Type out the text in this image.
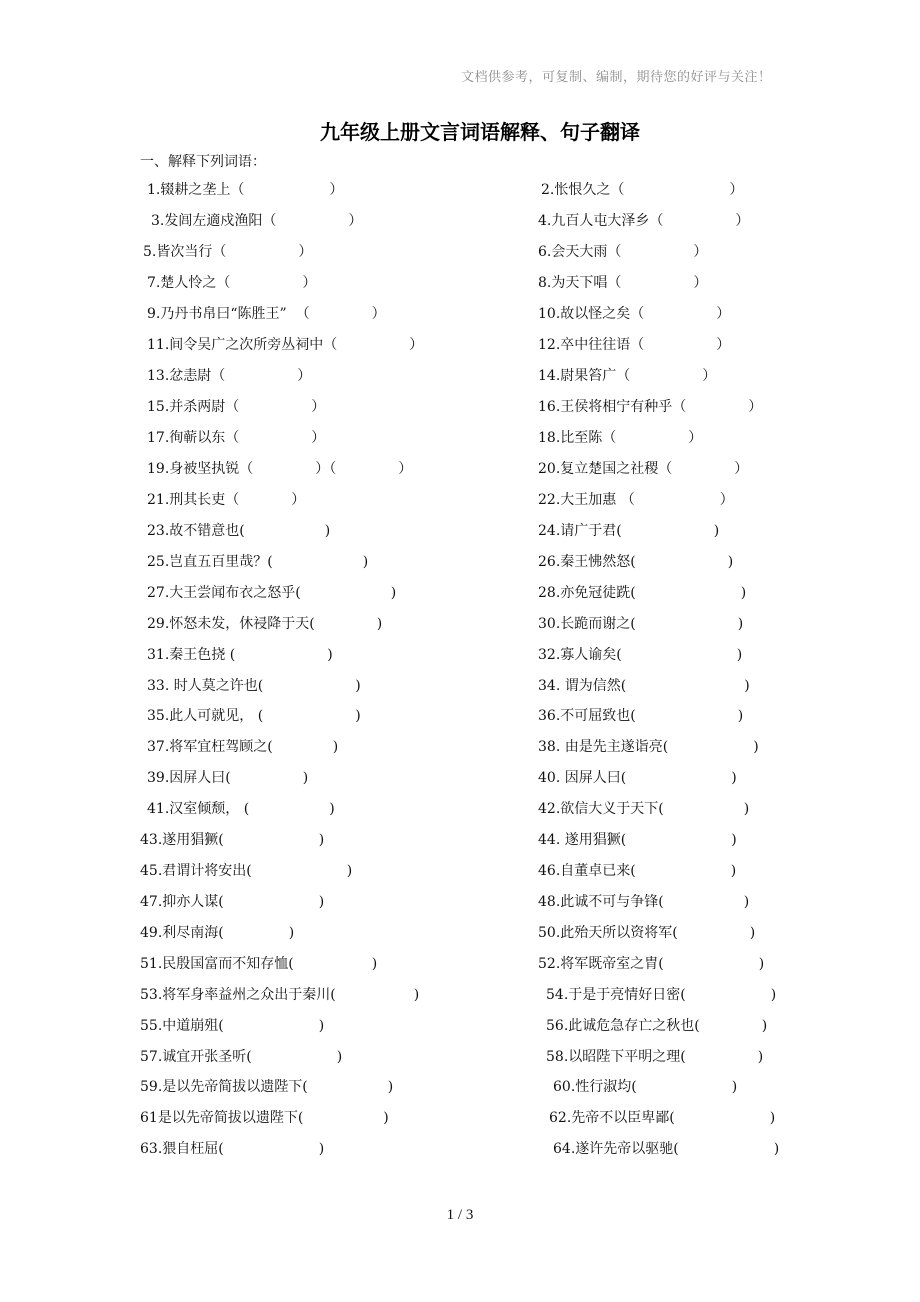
文档供参考，可复制、编制，期待您的好评与关注！
九年级上册文言词语解释、句子翻译
一、解释下列词语：
1.辍耕之垄上（	）	2.怅恨久之（	）
3.发闾左適戍渔阳（	）	4.九百人屯大泽乡（	）
5.皆次当行（	）	6.会天大雨（	）
7.楚人怜之（	）	8.为天下唱（	）
9.乃丹书帛曰“陈胜王”  （	）	10.故以怪之矣（	）
11.间令吴广之次所旁丛祠中（	）	12.卒中往往语（	）
13.忿恚尉（	）	14.尉果笞广（	）
15.并杀两尉（	）	16.王侯将相宁有种乎（	）
17.徇蕲以东（	）	18.比至陈（	）
19.身被坚执锐（	）（	）	20.复立楚国之社稷（	）
21.刑其长吏（	）	22.大王加惠 （	）
23.故不错意也(	)	24.请广于君(	)
25.岂直五百里哉？(	)	26.秦王怫然怒(	)
27.大王尝闻布衣之怒乎(	)	28.亦免冠徒跣(	)
29.怀怒未发，休祲降于天(	)	30.长跪而谢之(	)
31.秦王色挠 (	)	32.寡人谕矣(	)
33. 时人莫之许也(	)	34. 谓为信然(	)
35.此人可就见， (	)	36.不可屈致也(	)
37.将军宜枉驾顾之(	)	38. 由是先主遂诣亮(	)
39.因屏人曰(	)	40. 因屏人曰(	)
41.汉室倾颓， (	)	42.欲信大义于天下(	)
43.遂用猖獗(	)	44. 遂用猖獗(	)
45.君谓计将安出(	)	46.自董卓已来(	)
47.抑亦人谋(	)	48.此诚不可与争锋(	)
49.利尽南海(	)	50.此殆天所以资将军(	)
51.民殷国富而不知存恤(	)	52.将军既帝室之胄(	)
53.将军身率益州之众出于秦川(	)	54.于是于亮情好日密(	)
55.中道崩殂(	)	56.此诚危急存亡之秋也(	)
57.诚宜开张圣听(	)	58.以昭陛下平明之理(	)
59.是以先帝简拔以遗陛下(	)	60.性行淑均(	)
61是以先帝简拔以遗陛下(	)	62.先帝不以臣卑鄙(	)
63.猥自枉屈(	)	64.遂许先帝以驱驰(	)
1 / 3
